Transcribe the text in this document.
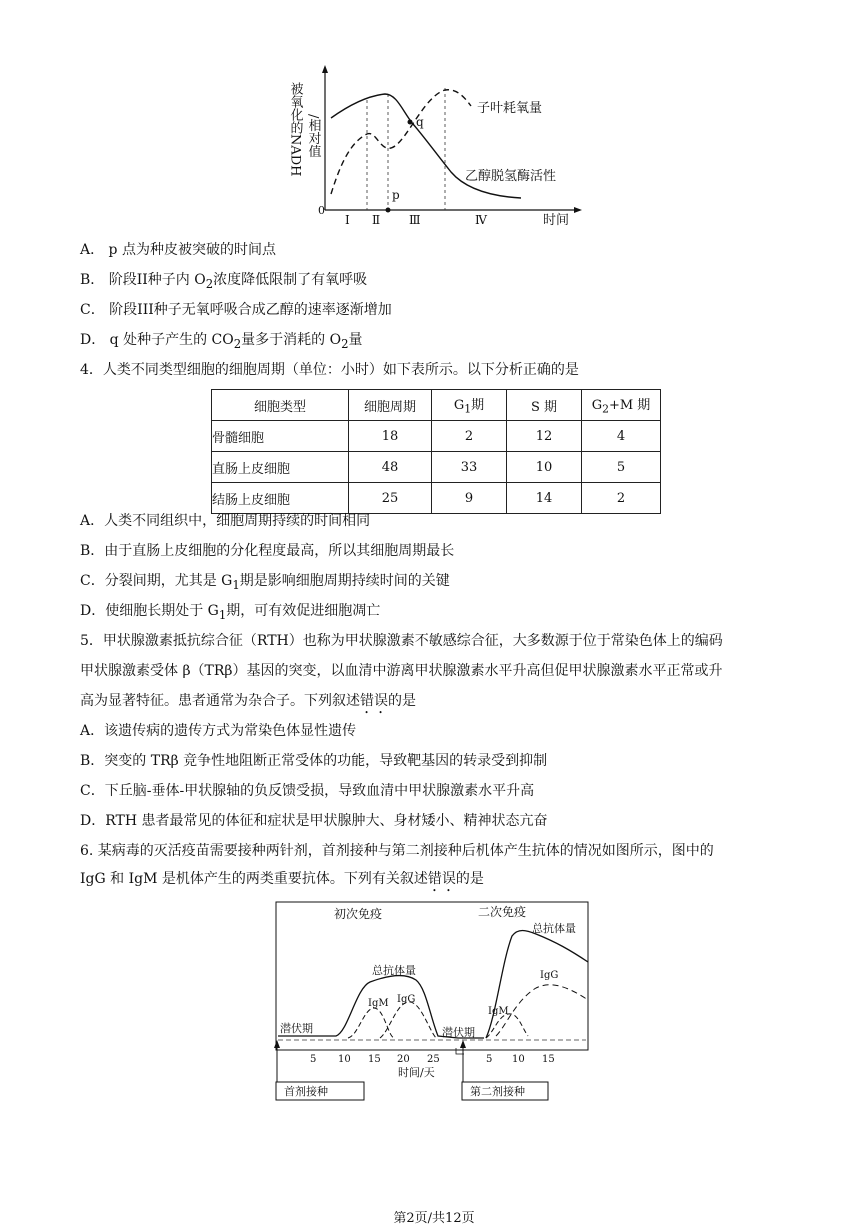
被氧化的NADH /相对值	q
p
0
Ⅰ Ⅱ Ⅲ	Ⅳ	时间
子叶耗氧量
乙醇脱氢酶活性
A． p 点为种皮被突破的时间点
B． 阶段II种子内 $O_2$浓度降低限制了有氧呼吸
C． 阶段III种子无氧呼吸合成乙醇的速率逐渐增加
D． q 处种子产生的 $CO_2$量多于消耗的 $O_2$量
4．人类不同类型细胞的细胞周期（单位：小时）如下表所示。以下分析正确的是
细胞类型	细胞周期	$G_1$期	S 期	$G_2+M$ 期
骨髓细胞	18	2	12	4
直肠上皮细胞	48	33	10	5
结肠上皮细胞	25	9	14	2
A．人类不同组织中，细胞周期持续的时间相同
B．由于直肠上皮细胞的分化程度最高，所以其细胞周期最长
C．分裂间期，尤其是 $G_1$期是影响细胞周期持续时间的关键
D．使细胞长期处于 $G_1$期，可有效促进细胞凋亡
5．甲状腺激素抵抗综合征（RTH）也称为甲状腺激素不敏感综合征，大多数源于位于常染色体上的编码
甲状腺激素受体 β（TRβ）基因的突变，以血清中游离甲状腺激素水平升高但促甲状腺激素水平正常或升
高为显著特征。患者通常为杂合子。下列叙述错误的是
A．该遗传病的遗传方式为常染色体显性遗传
B．突变的 TRβ 竞争性地阻断正常受体的功能，导致靶基因的转录受到抑制
C．下丘脑-垂体-甲状腺轴的负反馈受损，导致血清中甲状腺激素水平升高
D．RTH 患者最常见的体征和症状是甲状腺肿大、身材矮小、精神状态亢奋
6. 某病毒的灭活疫苗需要接种两针剂，首剂接种与第二剂接种后机体产生抗体的情况如图所示，图中的
IgG 和 IgM 是机体产生的两类重要抗体。下列有关叙述错误的是
初次免疫	二次免疫
总抗体量
IgM IgG
潜伏期	潜伏期
总抗体量
IgG
IgM
5 10 15 20 25	5 10 15
时间/天
首剂接种	第二剂接种
第2页/共12页
